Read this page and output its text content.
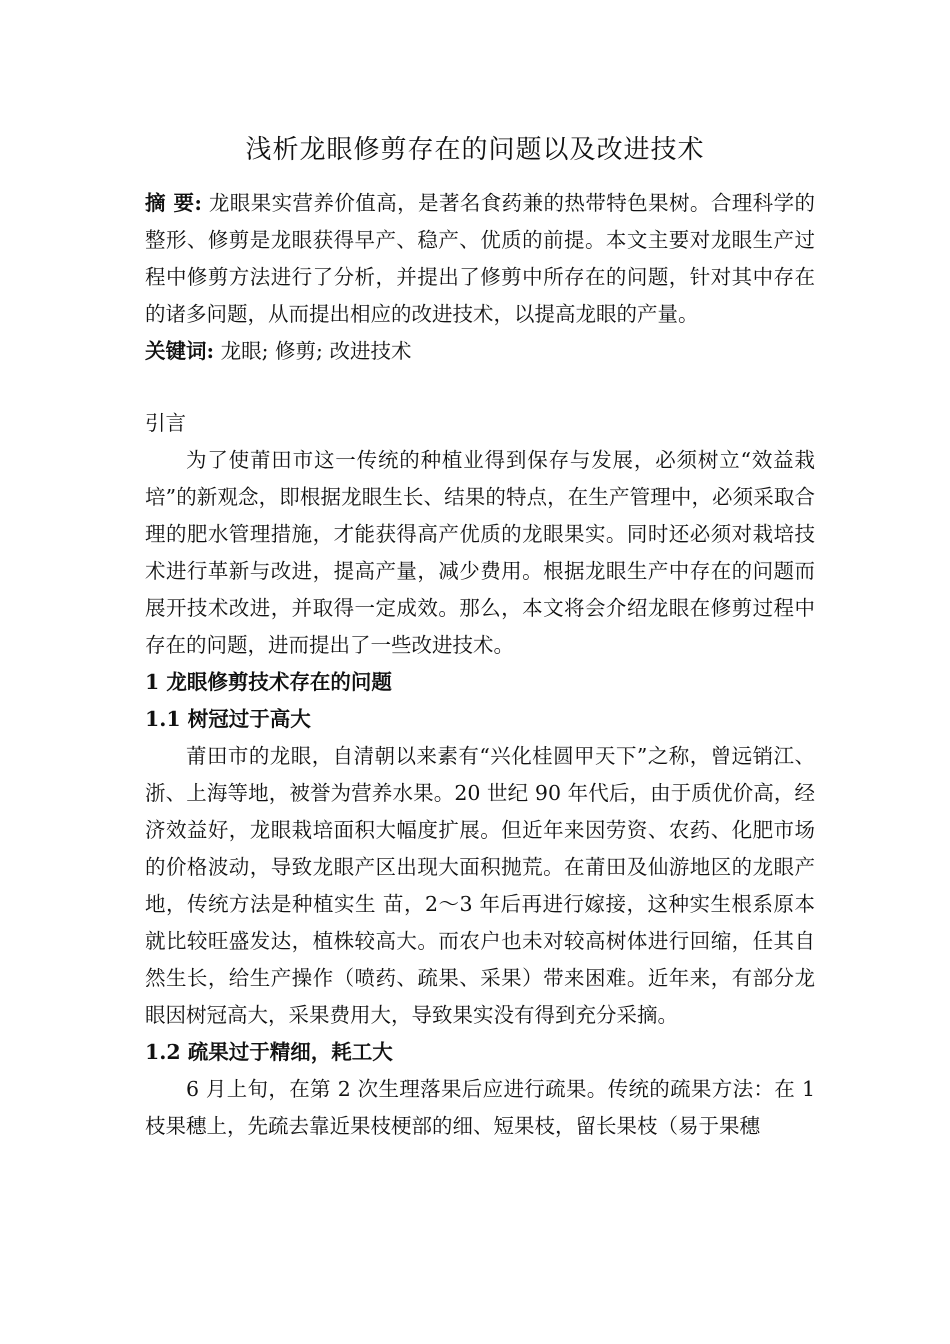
浅析龙眼修剪存在的问题以及改进技术

摘 要: 龙眼果实营养价值高，是著名食药兼的热带特色果树。合理科学的整形、修剪是龙眼获得早产、稳产、优质的前提。本文主要对龙眼生产过程中修剪方法进行了分析，并提出了修剪中所存在的问题，针对其中存在的诸多问题，从而提出相应的改进技术，以提高龙眼的产量。

关键词: 龙眼; 修剪; 改进技术

引言

为了使莆田市这一传统的种植业得到保存与发展，必须树立“效益栽培”的新观念，即根据龙眼生长、结果的特点，在生产管理中，必须采取合理的肥水管理措施，才能获得高产优质的龙眼果实。同时还必须对栽培技术进行革新与改进，提高产量，减少费用。根据龙眼生产中存在的问题而展开技术改进，并取得一定成效。那么，本文将会介绍龙眼在修剪过程中存在的问题，进而提出了一些改进技术。

1 龙眼修剪技术存在的问题

1.1 树冠过于高大

莆田市的龙眼，自清朝以来素有“兴化桂圆甲天下”之称，曾远销江、浙、上海等地，被誉为营养水果。20 世纪 90 年代后，由于质优价高，经济效益好，龙眼栽培面积大幅度扩展。但近年来因劳资、农药、化肥市场的价格波动，导致龙眼产区出现大面积抛荒。在莆田及仙游地区的龙眼产地，传统方法是种植实生 苗，2〜3 年后再进行嫁接，这种实生根系原本就比较旺盛发达，植株较高大。而农户也未对较高树体进行回缩，任其自然生长，给生产操作（喷药、疏果、采果）带来困难。近年来，有部分龙眼因树冠高大，采果费用大，导致果实没有得到充分采摘。

1.2 疏果过于精细，耗工大

6 月上旬，在第 2 次生理落果后应进行疏果。传统的疏果方法：在 1 枝果穗上，先疏去靠近果枝梗部的细、短果枝，留长果枝（易于果穗
